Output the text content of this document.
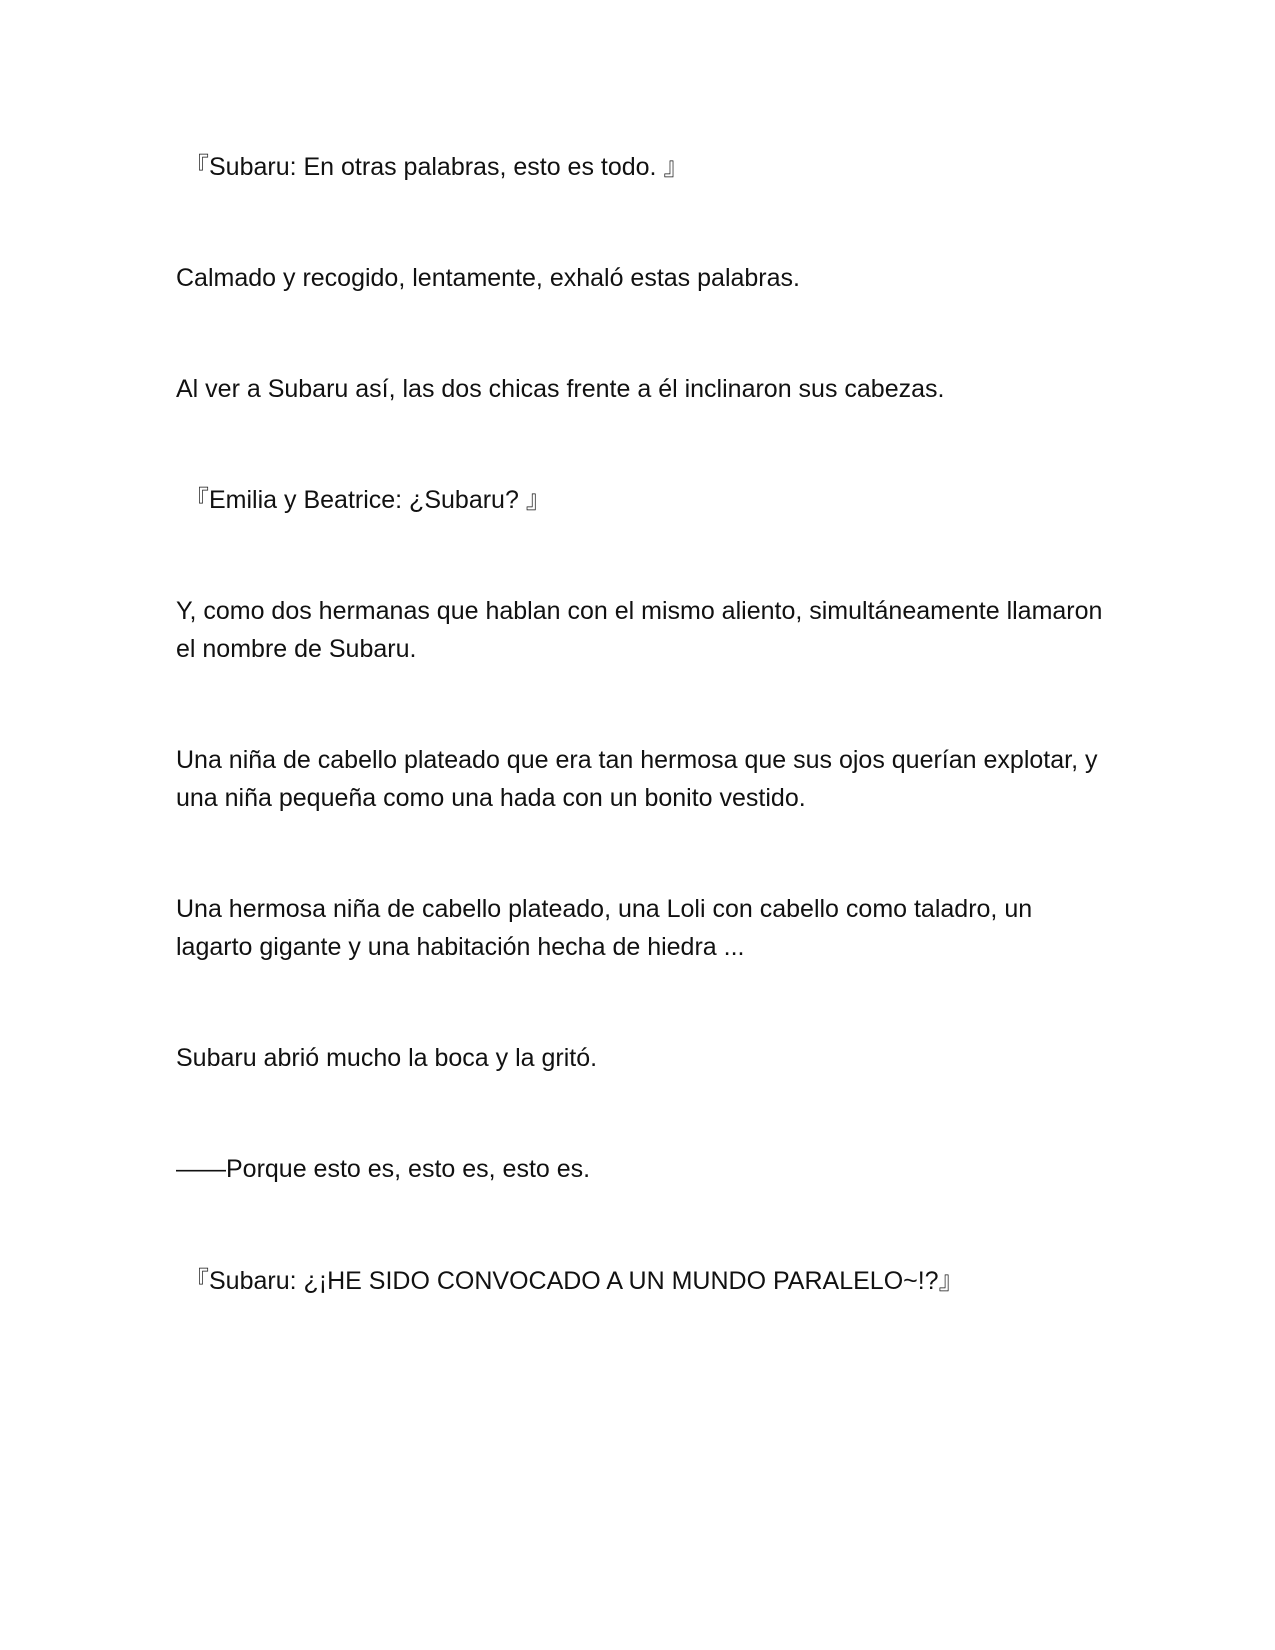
『Subaru: En otras palabras, esto es todo. 』

Calmado y recogido, lentamente, exhaló estas palabras.

Al ver a Subaru así, las dos chicas frente a él inclinaron sus cabezas.

『Emilia y Beatrice: ¿Subaru? 』

Y, como dos hermanas que hablan con el mismo aliento, simultáneamente llamaron el nombre de Subaru.

Una niña de cabello plateado que era tan hermosa que sus ojos querían explotar, y una niña pequeña como una hada con un bonito vestido.

Una hermosa niña de cabello plateado, una Loli con cabello como taladro, un lagarto gigante y una habitación hecha de hiedra ...

Subaru abrió mucho la boca y la gritó.

——Porque esto es, esto es, esto es.

『Subaru: ¿¡HE SIDO CONVOCADO A UN MUNDO PARALELO~!?』
